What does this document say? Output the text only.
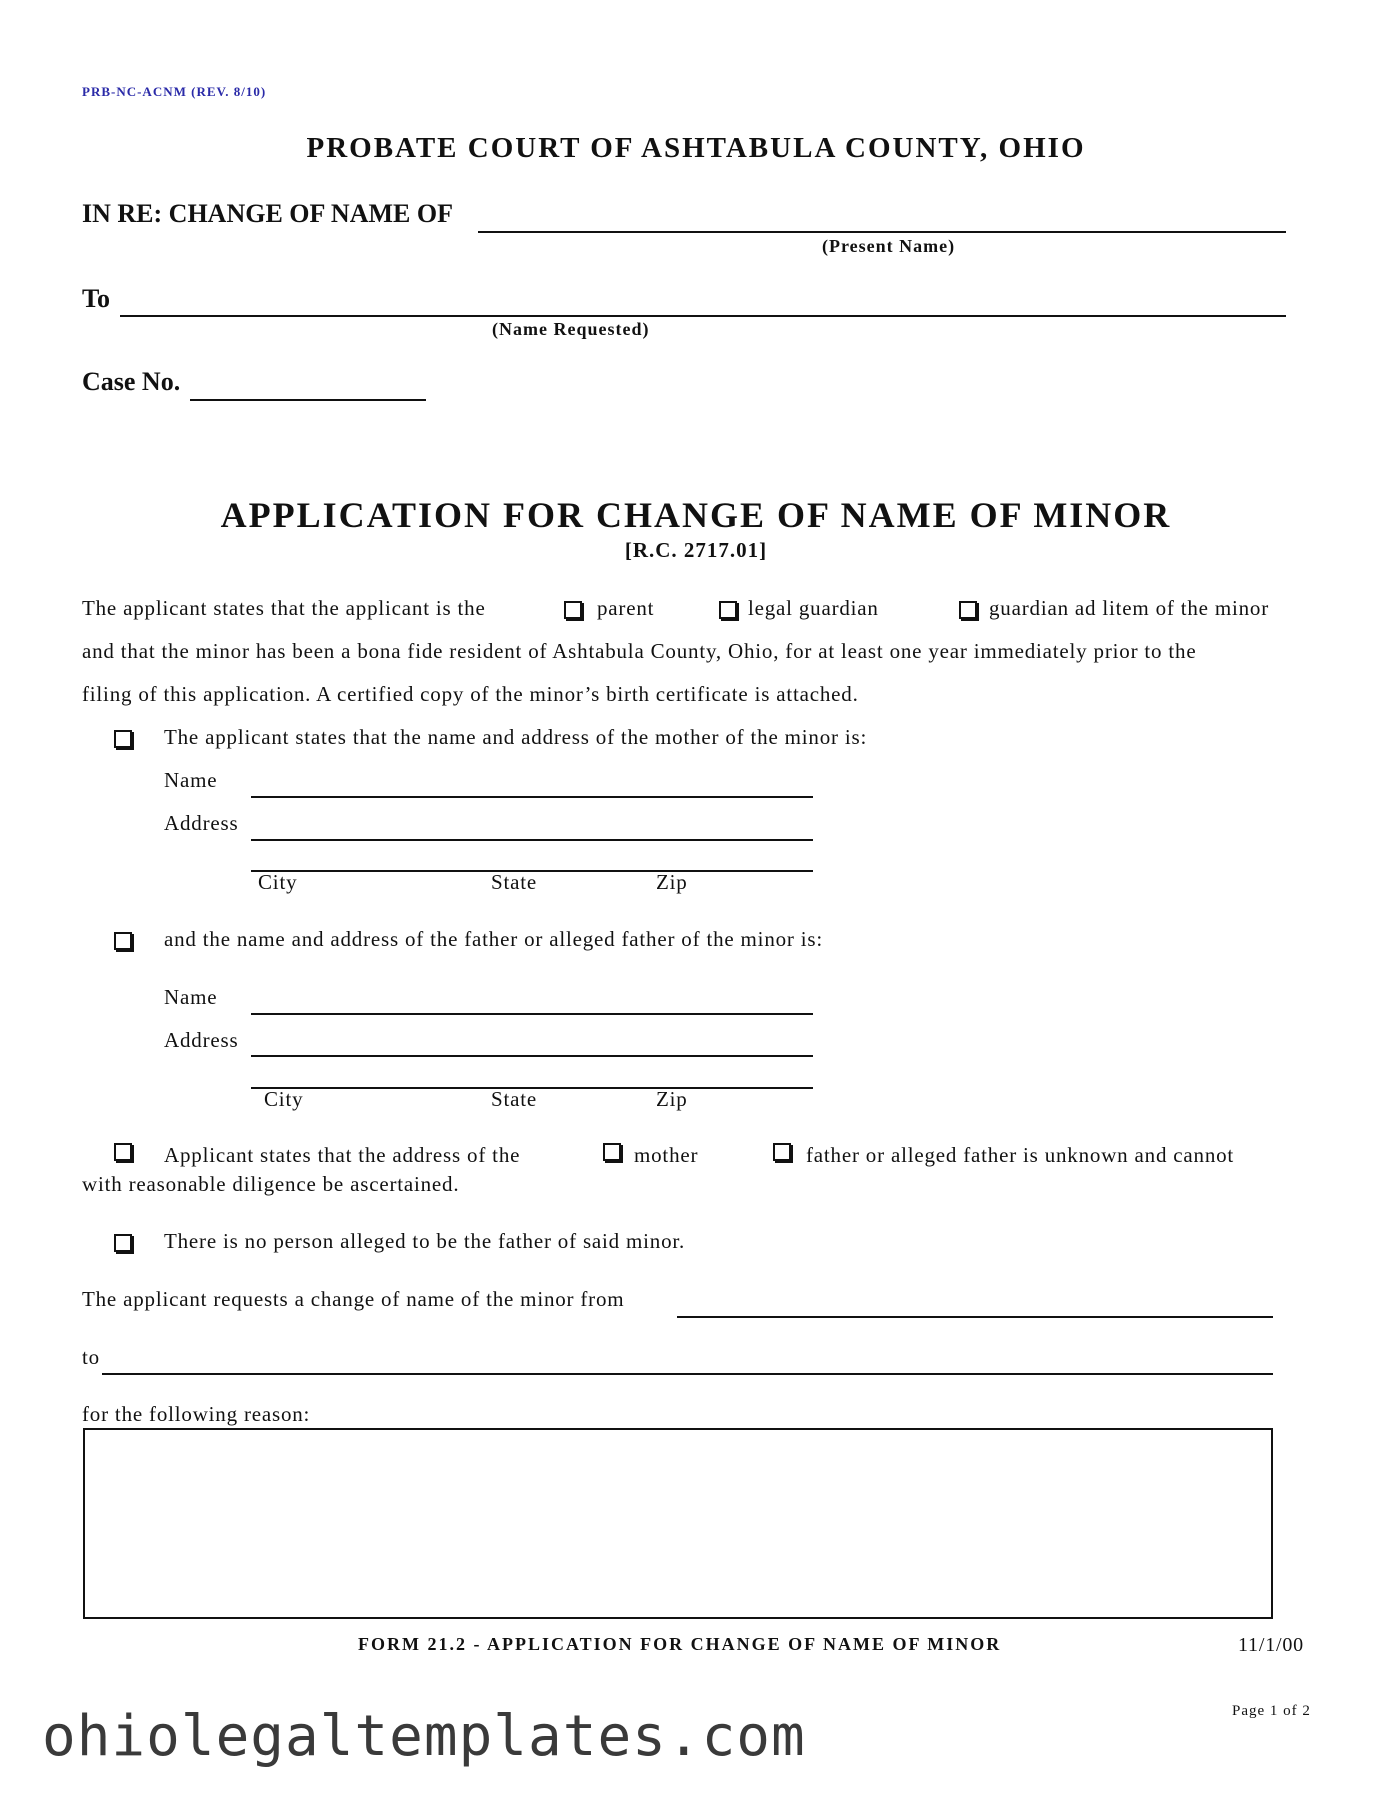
PRB-NC-ACNM (REV. 8/10)
PROBATE COURT OF ASHTABULA COUNTY, OHIO
IN RE: CHANGE OF NAME OF
(Present Name)
To
(Name Requested)
Case No.
APPLICATION FOR CHANGE OF NAME OF MINOR
[R.C. 2717.01]
The applicant states that the applicant is the	parent	legal guardian	guardian ad litem of the minor
and that the minor has been a bona fide resident of Ashtabula County, Ohio, for at least one year immediately prior to the
filing of this application. A certified copy of the minor’s birth certificate is attached.
The applicant states that the name and address of the mother of the minor is:
Name
Address
City	State	Zip
and the name and address of the father or alleged father of the minor is:
Name
Address
City	State	Zip
Applicant states that the address of the	mother	father or alleged father is unknown and cannot
with reasonable diligence be ascertained.
There is no person alleged to be the father of said minor.
The applicant requests a change of name of the minor from
to
for the following reason:
FORM 21.2 - APPLICATION FOR CHANGE OF NAME OF MINOR	11/1/00
Page 1 of 2
ohiolegaltemplates.com
